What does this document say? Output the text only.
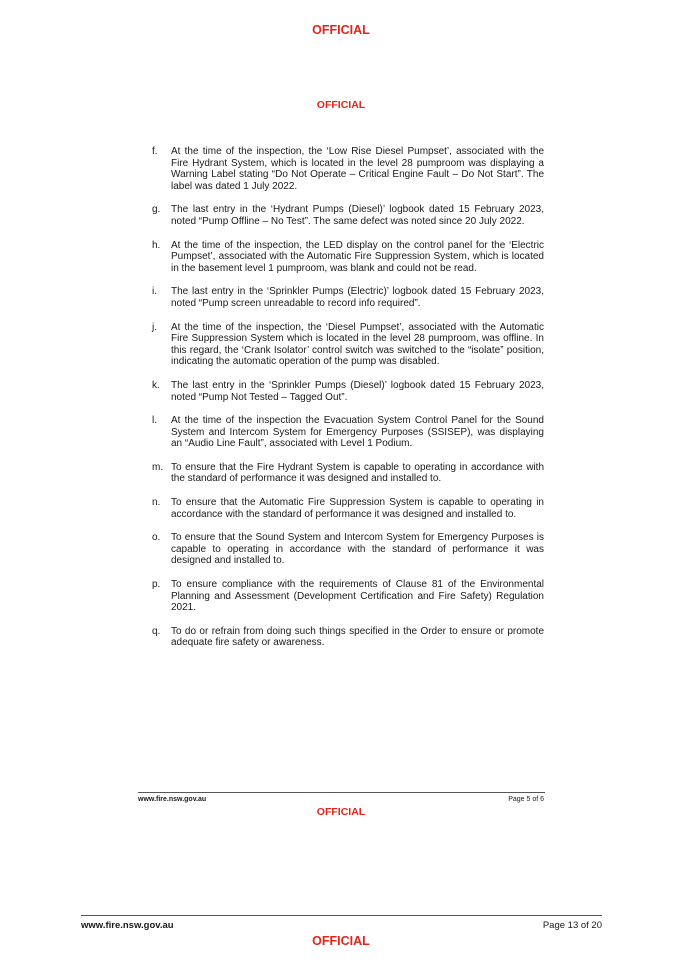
OFFICIAL
OFFICIAL
f.	At the time of the inspection, the ‘Low Rise Diesel Pumpset’, associated with the Fire Hydrant System, which is located in the level 28 pumproom was displaying a Warning Label stating “Do Not Operate – Critical Engine Fault – Do Not Start”. The label was dated 1 July 2022.
g.	The last entry in the ‘Hydrant Pumps (Diesel)’ logbook dated 15 February 2023, noted “Pump Offline – No Test”. The same defect was noted since 20 July 2022.
h.	At the time of the inspection, the LED display on the control panel for the ‘Electric Pumpset’, associated with the Automatic Fire Suppression System, which is located in the basement level 1 pumproom, was blank and could not be read.
i.	The last entry in the ‘Sprinkler Pumps (Electric)’ logbook dated 15 February 2023, noted “Pump screen unreadable to record info required”.
j.	At the time of the inspection, the ‘Diesel Pumpset’, associated with the Automatic Fire Suppression System which is located in the level 28 pumproom, was offline. In this regard, the ‘Crank Isolator’ control switch was switched to the “isolate” position, indicating the automatic operation of the pump was disabled.
k.	The last entry in the ‘Sprinkler Pumps (Diesel)’ logbook dated 15 February 2023, noted “Pump Not Tested – Tagged Out”.
l.	At the time of the inspection the Evacuation System Control Panel for the Sound System and Intercom System for Emergency Purposes (SSISEP), was displaying an “Audio Line Fault”, associated with Level 1 Podium.
m. To ensure that the Fire Hydrant System is capable to operating in accordance with the standard of performance it was designed and installed to.
n.	To ensure that the Automatic Fire Suppression System is capable to operating in accordance with the standard of performance it was designed and installed to.
o.	To ensure that the Sound System and Intercom System for Emergency Purposes is capable to operating in accordance with the standard of performance it was designed and installed to.
p.	To ensure compliance with the requirements of Clause 81 of the Environmental Planning and Assessment (Development Certification and Fire Safety) Regulation 2021.
q.	To do or refrain from doing such things specified in the Order to ensure or promote adequate fire safety or awareness.
www.fire.nsw.gov.au	Page 5 of 6
OFFICIAL
www.fire.nsw.gov.au	Page 13 of 20
OFFICIAL
